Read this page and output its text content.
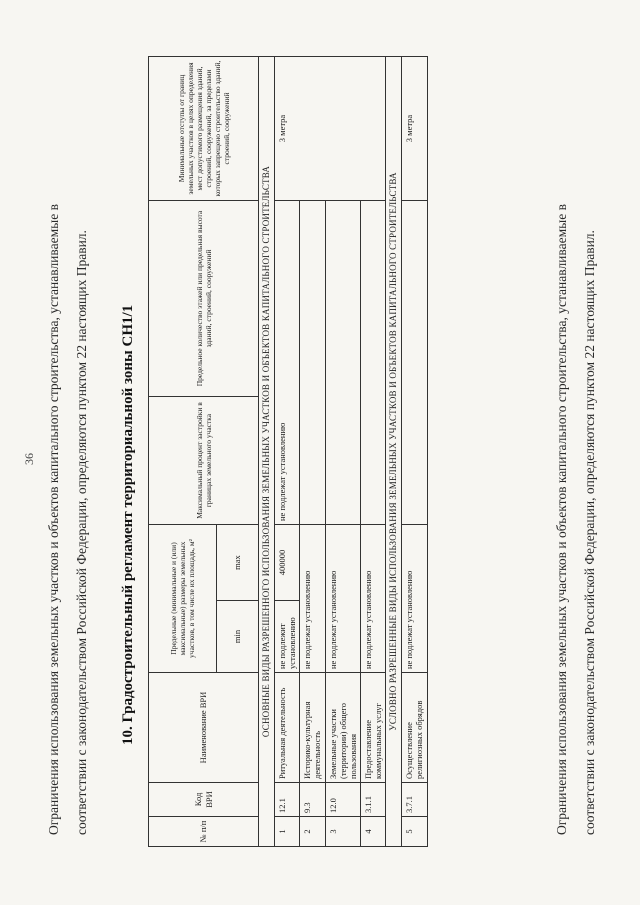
36 Ограничения использования земельных участков и объектов капитального строительства, устанавливаемые в соответствии с законодательством Российской Федерации, определяются пунктом 22 настоящих Правил.	10. Градостроительный регламент территориальной зоны СН1/1
№ п/п	Код ВРИ	Наименование ВРИ	Предельные (минимальные и (или) максимальные) размеры земельных участков, в том числе их площадь, м²		Максимальный процент застройки в границах земельного участка	Предельное количество этажей или предельная высота зданий, строений, сооружений	Минимальные отступы от границ земельных участков в целях определения мест допустимого размещения зданий, строений, сооружений, за пределами которых запрещено строительство зданий, строений, сооружений
			min	max			
ОСНОВНЫЕ ВИДЫ РАЗРЕШЕННОГО ИСПОЛЬЗОВАНИЯ ЗЕМЕЛЬНЫХ УЧАСТКОВ И ОБЪЕКТОВ КАПИТАЛЬНОГО СТРОИТЕЛЬСТВА							
1	12.1	Ритуальная деятельность	не подлежит установлению	400000	не подлежат установлению		3 метра
2	9.3	Историко-культурная деятельность	не подлежат установлению				
3	12.0	Земельные участки (территории) общего пользования	не подлежат установлению				
4	3.1.1	Предоставление коммунальных услуг	не подлежат установлению				
УСЛОВНО РАЗРЕШЕННЫЕ ВИДЫ ИСПОЛЬЗОВАНИЯ ЗЕМЕЛЬНЫХ УЧАСТКОВ И ОБЪЕКТОВ КАПИТАЛЬНОГО СТРОИТЕЛЬСТВА							
5	3.7.1	Осуществление религиозных обрядов	не подлежат установлению				3 метра
Ограничения использования земельных участков и объектов капитального строительства, устанавливаемые в соответствии с законодательством Российской Федерации, определяются пунктом 22 настоящих Правил.
